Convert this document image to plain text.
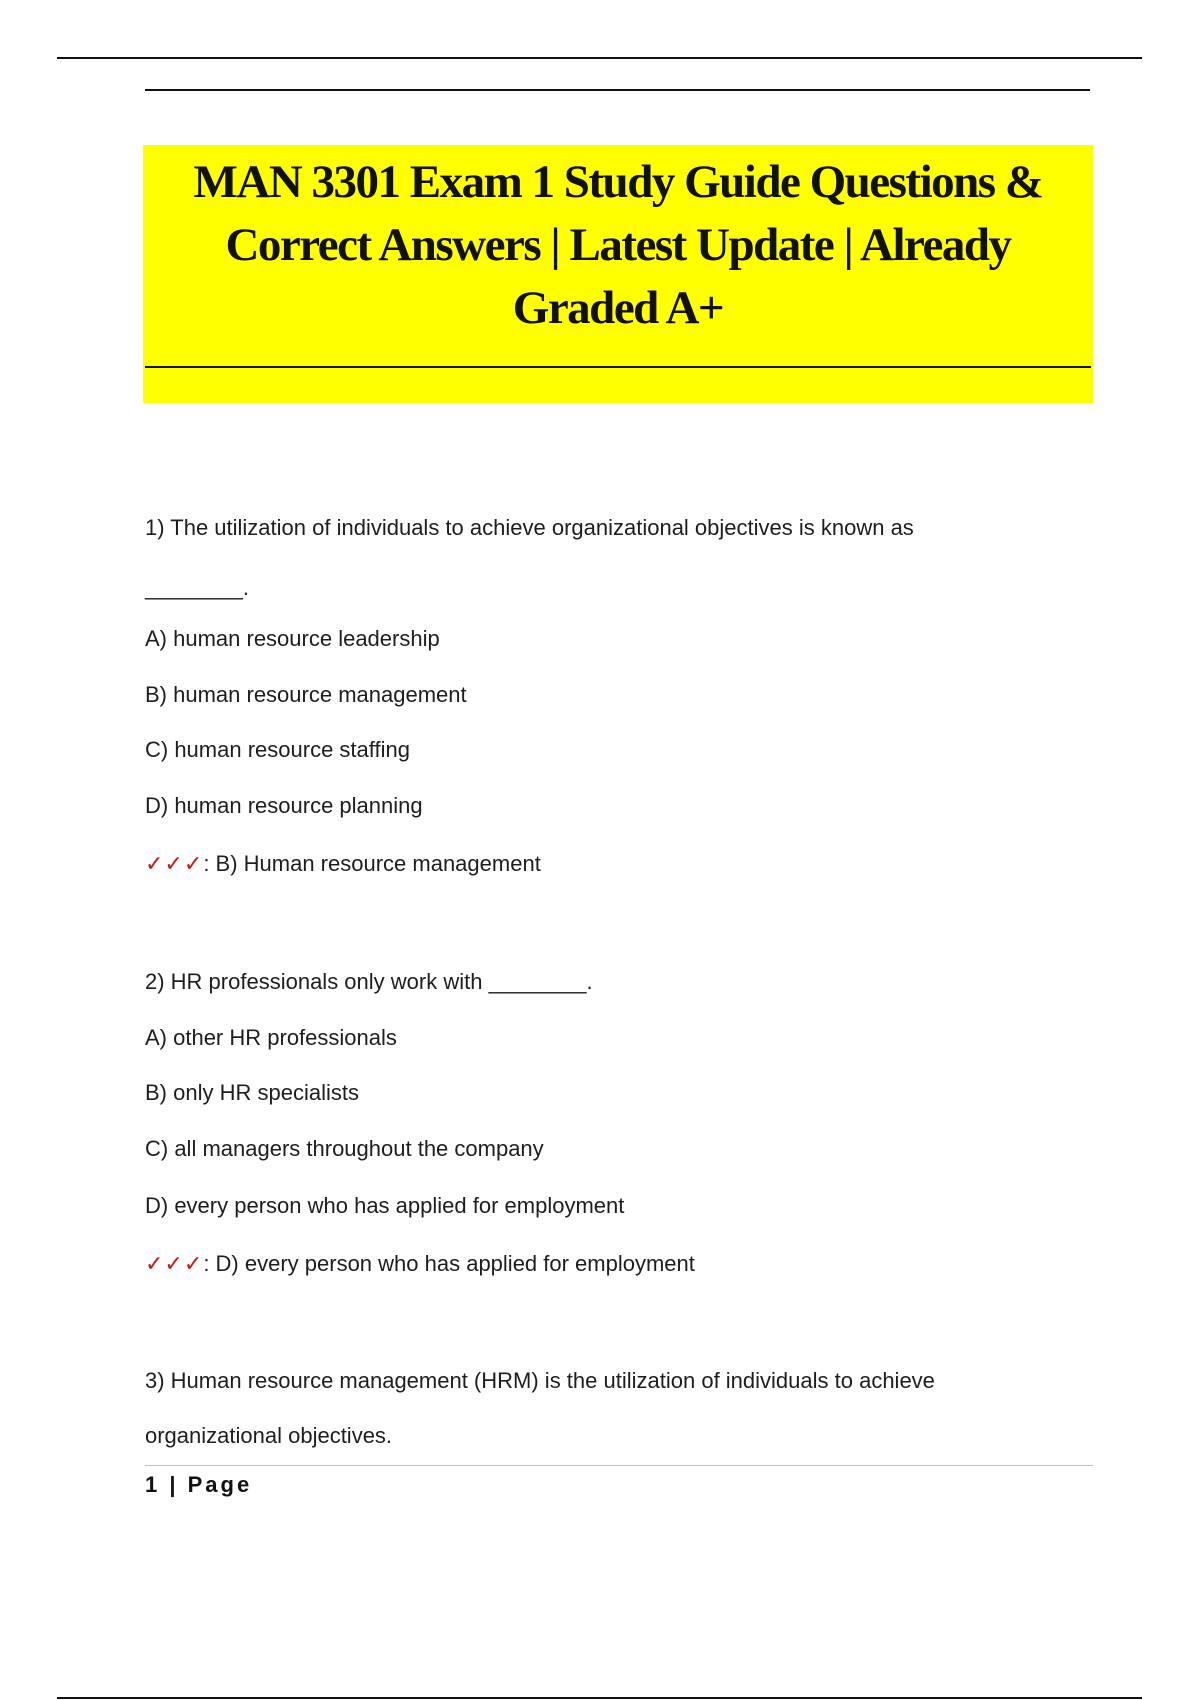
MAN 3301 Exam 1 Study Guide Questions &
Correct Answers | Latest Update | Already
Graded A+
1) The utilization of individuals to achieve organizational objectives is known as
________.
A) human resource leadership
B) human resource management
C) human resource staffing
D) human resource planning
✓✓✓: B) Human resource management
2) HR professionals only work with ________.
A) other HR professionals
B) only HR specialists
C) all managers throughout the company
D) every person who has applied for employment
✓✓✓: D) every person who has applied for employment
3) Human resource management (HRM) is the utilization of individuals to achieve
organizational objectives.
1 | Page
